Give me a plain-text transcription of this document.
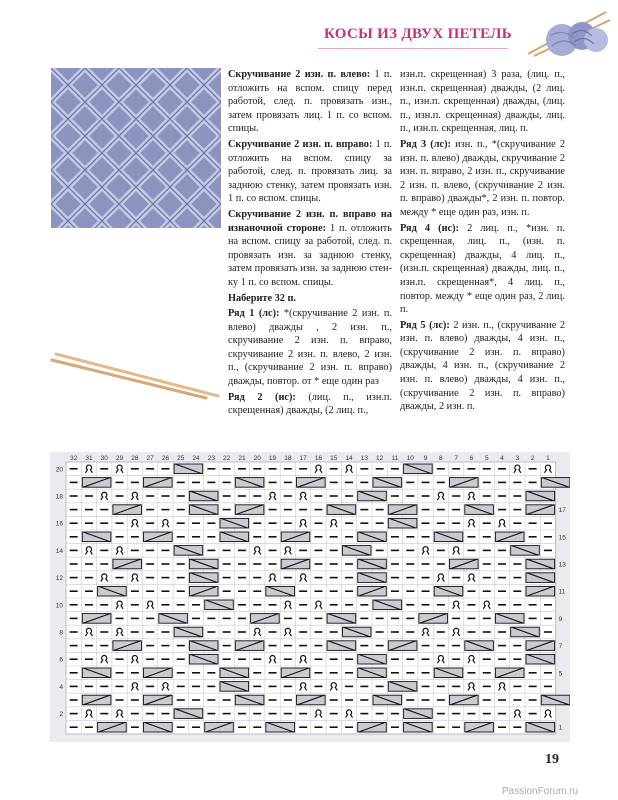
КОСЫ ИЗ ДВУХ ПЕТЕЛЬ

Скручивание 2 изн. п. влево: 1 п. отложить на вспом. спицу перед работой, след. п. провязать изн., затем провязать лиц. 1 п. со вспом. спицы.

Скручивание 2 изн. п. вправо: 1 п. отложить на вспом. спицу за работой, след. п. провязать лиц. за заднюю стенку, затем провязать изн. 1 п. со вспом. спицы.

Скручивание 2 изн. п. вправо на изнаночной стороне: 1 п. отложить на вспом. спицу за работой, след. п. провязать изн. за заднюю стенку, затем провязать изн. за заднюю стенку 1 п. со вспом. спицы.

Наберите 32 п.

Ряд 1 (лс): *(скручивание 2 изн. п. влево) дважды , 2 изн. п., скручивание 2 изн. п. вправо, скручивание 2 изн. п. влево, 2 изн. п., (скручивание 2 изн. п. вправо) дважды, повтор. от * еще один раз

Ряд 2 (ис): (лиц. п., изн.п. скрещенная) дважды, (2 лиц. п.,

изн.п. скрещенная) 3 раза, (лиц. п., изн.п. скрещенная) дважды, (2 лиц. п., изн.п. скрещенная) дважды, (лиц. п., изн.п. скрещенная) дважды, лиц. п., изн.п. скрещенная, лиц. п.

Ряд 3 (лс): изн. п., *(скручивание 2 изн. п. влево) дважды, скручивание 2 изн. п. вправо, 2 изн. п., скручивание 2 изн. п. влево, (скручивание 2 изн. п. вправо) дважды*, 2 изн. п. повтор. между * еще один раз, изн. п.

Ряд 4 (ис): 2 лиц. п., *изн. п. скрещенная, лиц. п., (изн. п. скрещенная) дважды, 4 лиц. п., (изн.п. скрещенная) дважды, лиц. п., изн.п. скрещенная*, 4 лиц. п., повтор. между * еще один раз, 2 лиц. п.

Ряд 5 (лс): 2 изн. п., (скручивание 2 изн. п. влево) дважды, 4 изн. п., (скручивание 2 изн. п. вправо) дважды, 4 изн. п., (скручивание 2 изн. п. влево) дважды, 4 изн. п., (скручивание 2 изн. п. вправо) дважды, 2 изн. п.

32 31 30 29 28 27 26 25 24 23 22 21 20 19 18 17 16 15 14 13 12 11 10 9 8 7 6 5 4 3 2 1
20
18
16
14
12
10
8
6
4
2
17
15
13
11
9
7
5
1
19
PassionForum.ru
